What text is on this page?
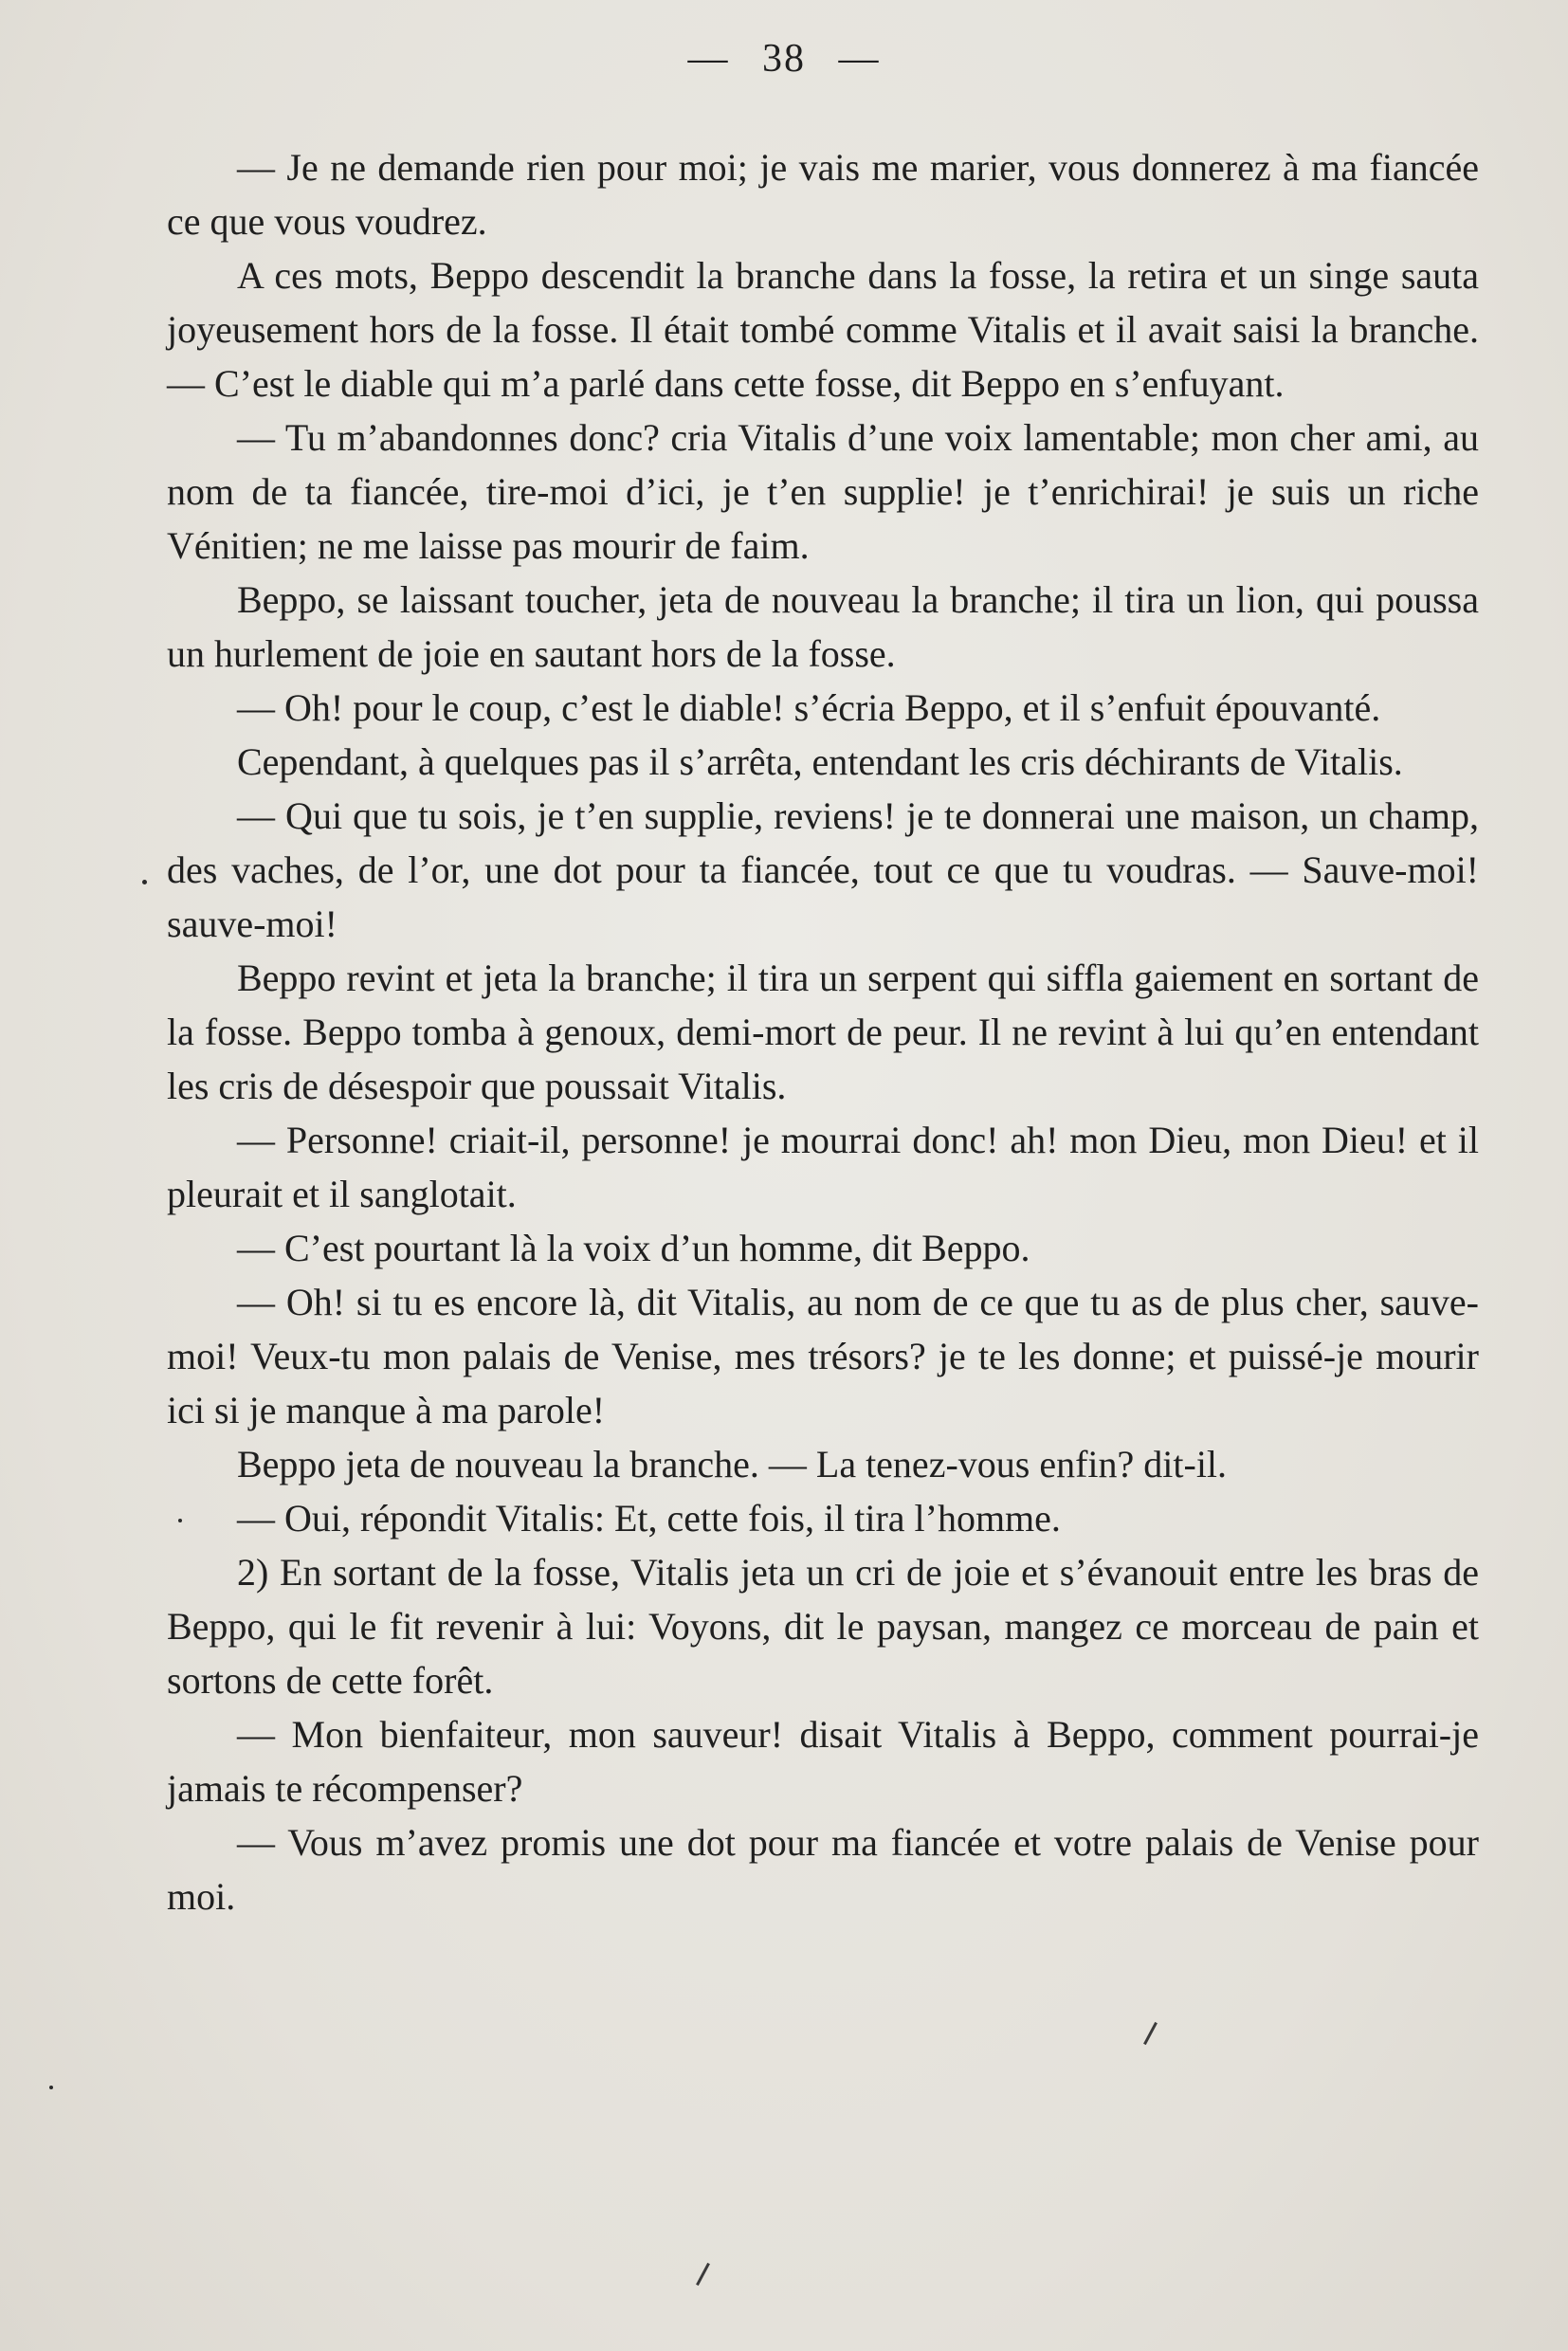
— 38 —

— Je ne demande rien pour moi; je vais me marier, vous donnerez à ma fiancée ce que vous voudrez.

A ces mots, Beppo descendit la branche dans la fosse, la retira et un singe sauta joyeusement hors de la fosse. Il était tombé comme Vitalis et il avait saisi la branche. — C’est le diable qui m’a parlé dans cette fosse, dit Beppo en s’enfuyant.

— Tu m’abandonnes donc? cria Vitalis d’une voix lamentable; mon cher ami, au nom de ta fiancée, tire-moi d’ici, je t’en supplie! je t’enrichirai! je suis un riche Vénitien; ne me laisse pas mourir de faim.

Beppo, se laissant toucher, jeta de nouveau la branche; il tira un lion, qui poussa un hurlement de joie en sautant hors de la fosse.

— Oh! pour le coup, c’est le diable! s’écria Beppo, et il s’enfuit épouvanté.

Cependant, à quelques pas il s’arrêta, entendant les cris déchirants de Vitalis.

— Qui que tu sois, je t’en supplie, reviens! je te donnerai une maison, un champ, des vaches, de l’or, une dot pour ta fiancée, tout ce que tu voudras. — Sauve-moi! sauve-moi!

Beppo revint et jeta la branche; il tira un serpent qui siffla gaiement en sortant de la fosse. Beppo tomba à genoux, demi-mort de peur. Il ne revint à lui qu’en entendant les cris de désespoir que poussait Vitalis.

— Personne! criait-il, personne! je mourrai donc! ah! mon Dieu, mon Dieu! et il pleurait et il sanglotait.

— C’est pourtant là la voix d’un homme, dit Beppo.

— Oh! si tu es encore là, dit Vitalis, au nom de ce que tu as de plus cher, sauve-moi! Veux-tu mon palais de Venise, mes trésors? je te les donne; et puissé-je mourir ici si je manque à ma parole!

Beppo jeta de nouveau la branche. — La tenez-vous enfin? dit-il.

— Oui, répondit Vitalis: Et, cette fois, il tira l’homme.

2) En sortant de la fosse, Vitalis jeta un cri de joie et s’évanouit entre les bras de Beppo, qui le fit revenir à lui: Voyons, dit le paysan, mangez ce morceau de pain et sortons de cette forêt.

— Mon bienfaiteur, mon sauveur! disait Vitalis à Beppo, comment pourrai-je jamais te récompenser?

— Vous m’avez promis une dot pour ma fiancée et votre palais de Venise pour moi.
